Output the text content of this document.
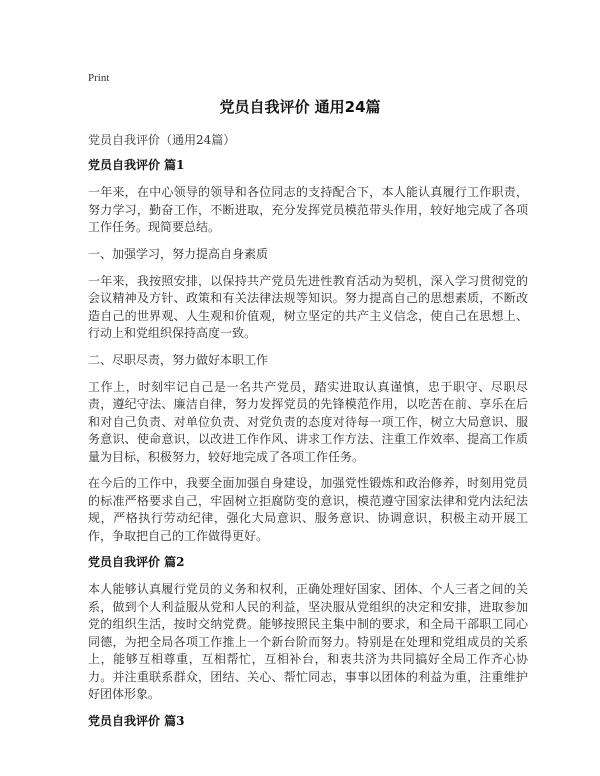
Print
党员自我评价 通用24篇

党员自我评价（通用24篇）

党员自我评价 篇1

一年来，在中心领导的领导和各位同志的支持配合下，本人能认真履行工作职责，努力学习，勤奋工作，不断进取，充分发挥党员模范带头作用，较好地完成了各项工作任务。现简要总结。

一、加强学习，努力提高自身素质

一年来，我按照安排，以保持共产党员先进性教育活动为契机，深入学习贯彻党的会议精神及方针、政策和有关法律法规等知识。努力提高自己的思想素质，不断改造自己的世界观、人生观和价值观，树立坚定的共产主义信念，使自己在思想上、行动上和党组织保持高度一致。

二、尽职尽责，努力做好本职工作

工作上，时刻牢记自己是一名共产党员，踏实进取认真谨慎，忠于职守、尽职尽责，遵纪守法、廉洁自律，努力发挥党员的先锋模范作用，以吃苦在前、享乐在后和对自己负责、对单位负责、对党负责的态度对待每一项工作，树立大局意识、服务意识、使命意识，以改进工作作风、讲求工作方法、注重工作效率、提高工作质量为目标，积极努力，较好地完成了各项工作任务。

在今后的工作中，我要全面加强自身建设，加强党性锻炼和政治修养，时刻用党员的标准严格要求自己，牢固树立拒腐防变的意识，模范遵守国家法律和党内法纪法规，严格执行劳动纪律，强化大局意识、服务意识、协调意识，积极主动开展工作，争取把自己的工作做得更好。

党员自我评价 篇2

本人能够认真履行党员的义务和权利，正确处理好国家、团体、个人三者之间的关系，做到个人利益服从党和人民的利益，坚决服从党组织的决定和安排，进取参加党的组织生活，按时交纳党费。能够按照民主集中制的要求，和全局干部职工同心同德，为把全局各项工作推上一个新台阶而努力。特别是在处理和党组成员的关系上，能够互相尊重，互相帮忙，互相补台，和衷共济为共同搞好全局工作齐心协力。并注重联系群众，团结、关心、帮忙同志，事事以团体的利益为重，注重维护好团体形象。

党员自我评价 篇3
